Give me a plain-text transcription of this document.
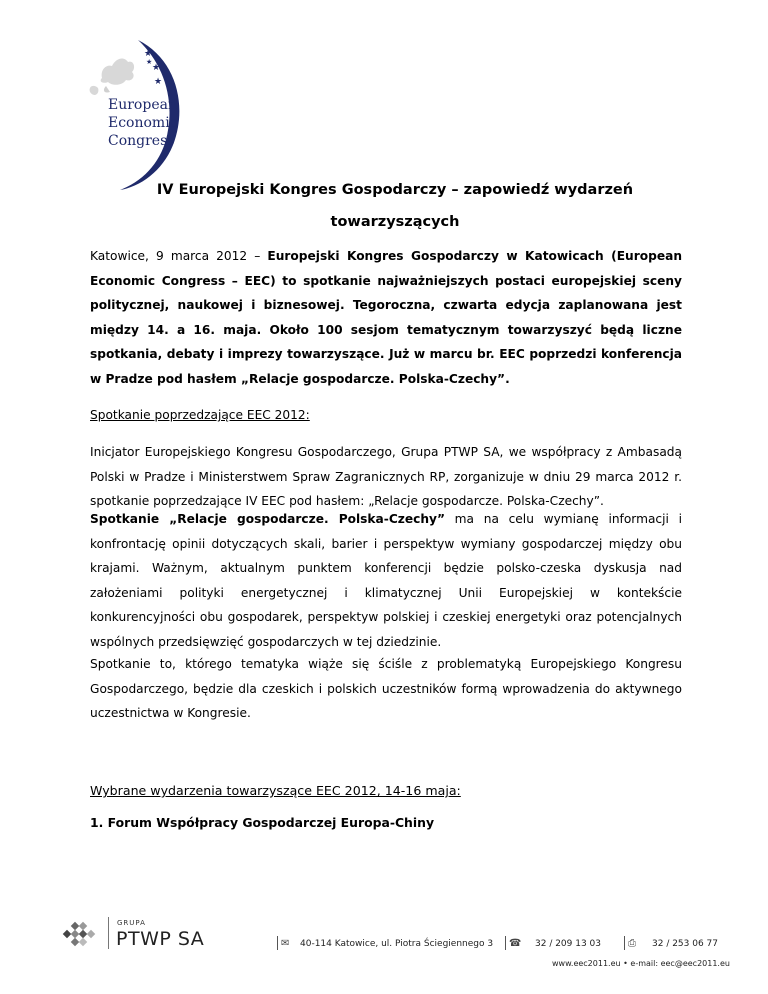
★
★
★
★
European
Economic
Congress
IV Europejski Kongres Gospodarczy – zapowiedź wydarzeń
towarzyszących
Katowice, 9 marca 2012 – Europejski Kongres Gospodarczy w Katowicach (European Economic Congress – EEC) to spotkanie najważniejszych postaci europejskiej sceny politycznej, naukowej i biznesowej. Tegoroczna, czwarta edycja zaplanowana jest między 14. a 16. maja. Około 100 sesjom tematycznym towarzyszyć będą liczne spotkania, debaty i imprezy towarzyszące. Już w marcu br. EEC poprzedzi konferencja w Pradze pod hasłem „Relacje gospodarcze. Polska-Czechy”.
Spotkanie poprzedzające EEC 2012:
Inicjator Europejskiego Kongresu Gospodarczego, Grupa PTWP SA, we współpracy z Ambasadą Polski w Pradze i Ministerstwem Spraw Zagranicznych RP, zorganizuje w dniu 29 marca 2012 r. spotkanie poprzedzające IV EEC pod hasłem: „Relacje gospodarcze. Polska-Czechy”.
Spotkanie „Relacje gospodarcze. Polska-Czechy” ma na celu wymianę informacji i konfrontację opinii dotyczących skali, barier i perspektyw wymiany gospodarczej między obu krajami. Ważnym, aktualnym punktem konferencji będzie polsko-czeska dyskusja nad założeniami polityki energetycznej i klimatycznej Unii Europejskiej w kontekście konkurencyjności obu gospodarek, perspektyw polskiej i czeskiej energetyki oraz potencjalnych wspólnych przedsięwzięć gospodarczych w tej dziedzinie.
Spotkanie to, którego tematyka wiąże się ściśle z problematyką Europejskiego Kongresu Gospodarczego, będzie dla czeskich i polskich uczestników formą wprowadzenia do aktywnego uczestnictwa w Kongresie.
Wybrane wydarzenia towarzyszące EEC 2012, 14-16 maja:
1. Forum Współpracy Gospodarczej Europa-Chiny
GRUPA
PTWP SA	✉ 40-114 Katowice, ul. Piotra Ściegiennego 3 ☎ 32 / 209 13 03	⎙ 32 / 253 06 77
www.eec2011.eu • e-mail: eec@eec2011.eu
